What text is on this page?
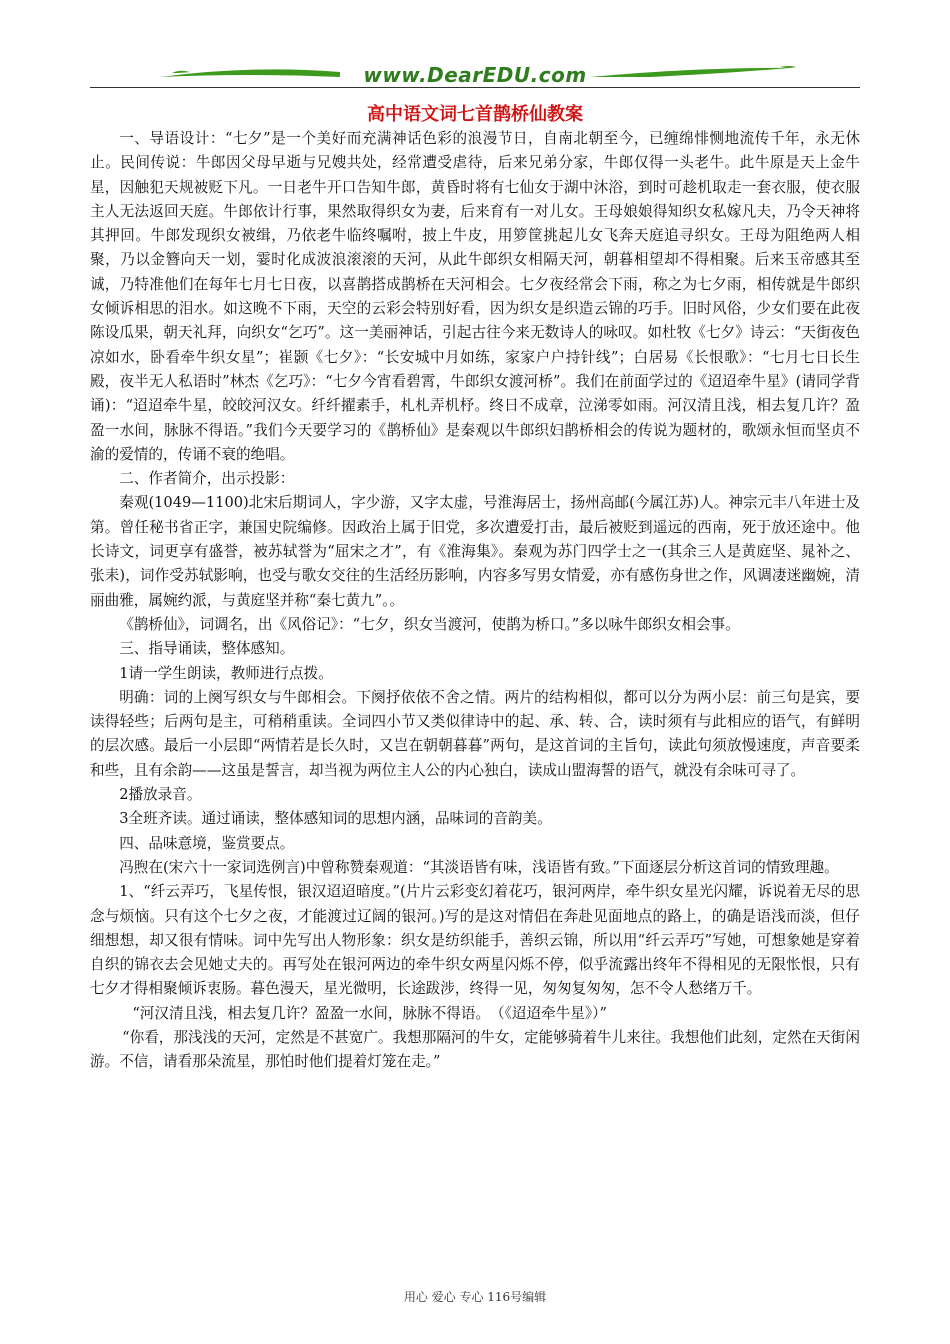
www.DearEDU.com
高中语文词七首鹊桥仙教案

一、导语设计：“七夕”是一个美好而充满神话色彩的浪漫节日，自南北朝至今，已缠绵悱恻地流传千年，永无休止。民间传说：牛郎因父母早逝与兄嫂共处，经常遭受虐待，后来兄弟分家，牛郎仅得一头老牛。此牛原是天上金牛星，因触犯天规被贬下凡。一日老牛开口告知牛郎，黄昏时将有七仙女于湖中沐浴，到时可趁机取走一套衣服，使衣服主人无法返回天庭。牛郎依计行事，果然取得织女为妻，后来育有一对儿女。王母娘娘得知织女私嫁凡夫，乃令天神将其押回。牛郎发现织女被缉，乃依老牛临终嘱咐，披上牛皮，用箩筐挑起儿女飞奔天庭追寻织女。王母为阻绝两人相聚，乃以金簪向天一划，霎时化成波浪滚滚的天河，从此牛郎织女相隔天河，朝暮相望却不得相聚。后来玉帝感其至诚，乃特准他们在每年七月七日夜，以喜鹊搭成鹊桥在天河相会。七夕夜经常会下雨，称之为七夕雨，相传就是牛郎织女倾诉相思的泪水。如这晚不下雨，天空的云彩会特别好看，因为织女是织造云锦的巧手。旧时风俗，少女们要在此夜陈设瓜果，朝天礼拜，向织女“乞巧”。这一美丽神话，引起古往今来无数诗人的咏叹。如杜牧《七夕》诗云：“天街夜色凉如水，卧看牵牛织女星”；崔颢《七夕》：“长安城中月如练，家家户户持针线”；白居易《长恨歌》：“七月七日长生殿，夜半无人私语时”林杰《乞巧》：“七夕今宵看碧霄，牛郎织女渡河桥”。我们在前面学过的《迢迢牵牛星》(请同学背诵)：“迢迢牵牛星，皎皎河汉女。纤纤擢素手，札札弄机杼。终日不成章，泣涕零如雨。河汉清且浅，相去复几许？盈盈一水间，脉脉不得语。”我们今天要学习的《鹊桥仙》是秦观以牛郎织妇鹊桥相会的传说为题材的，歌颂永恒而坚贞不渝的爱情的，传诵不衰的绝唱。

二、作者简介，出示投影：

秦观(1049—1100)北宋后期词人，字少游，又字太虚，号淮海居士，扬州高邮(今属江苏)人。神宗元丰八年进士及第。曾任秘书省正字，兼国史院编修。因政治上属于旧党，多次遭爱打击，最后被贬到遥远的西南，死于放还途中。他长诗文，词更享有盛誉，被苏轼誉为“屈宋之才”，有《淮海集》。秦观为苏门四学士之一(其余三人是黄庭坚、晁补之、张耒)，词作受苏轼影响，也受与歌女交往的生活经历影响，内容多写男女情爱，亦有感伤身世之作，风调凄迷幽婉，清丽曲雅，属婉约派，与黄庭坚并称“秦七黄九”。。

《鹊桥仙》，词调名，出《风俗记》：“七夕，织女当渡河，使鹊为桥口。”多以咏牛郎织女相会事。

三、指导诵读，整体感知。

1请一学生朗读，教师进行点拨。

明确：词的上阕写织女与牛郎相会。下阕抒依依不舍之情。两片的结构相似，都可以分为两小层：前三句是宾，要读得轻些；后两句是主，可稍稍重读。全词四小节又类似律诗中的起、承、转、合，读时须有与此相应的语气，有鲜明的层次感。最后一小层即“两情若是长久时，又岂在朝朝暮暮”两句，是这首词的主旨句，读此句须放慢速度，声音要柔和些，且有余韵——这虽是誓言，却当视为两位主人公的内心独白，读成山盟海誓的语气，就没有余味可寻了。

2播放录音。

3全班齐读。通过诵读，整体感知词的思想内涵，品味词的音韵美。

四、品味意境，鉴赏要点。

冯煦在(宋六十一家词选例言)中曾称赞秦观道：“其淡语皆有味，浅语皆有致。”下面逐层分析这首词的情致理趣。

1、“纤云弄巧，飞星传恨，银汉迢迢暗度。”(片片云彩变幻着花巧，银河两岸，牵牛织女星光闪耀，诉说着无尽的思念与烦恼。只有这个七夕之夜，才能渡过辽阔的银河。)写的是这对情侣在奔赴见面地点的路上，的确是语浅而淡，但仔细想想，却又很有情味。词中先写出人物形象：织女是纺织能手，善织云锦，所以用“纤云弄巧”写她，可想象她是穿着自织的锦衣去会见她丈夫的。再写处在银河两边的牵牛织女两星闪烁不停，似乎流露出终年不得相见的无限怅恨，只有七夕才得相聚倾诉衷肠。暮色漫天，星光微明，长途跋涉，终得一见，匆匆复匆匆，怎不令人愁绪万千。

“河汉清且浅，相去复几许？盈盈一水间，脉脉不得语。　（《迢迢牵牛星》）”

“你看，那浅浅的天河，定然是不甚宽广。我想那隔河的牛女，定能够骑着牛儿来往。我想他们此刻，定然在天街闲游。不信，请看那朵流星，那怕时他们提着灯笼在走。”

用心 爱心 专心 116号编辑
